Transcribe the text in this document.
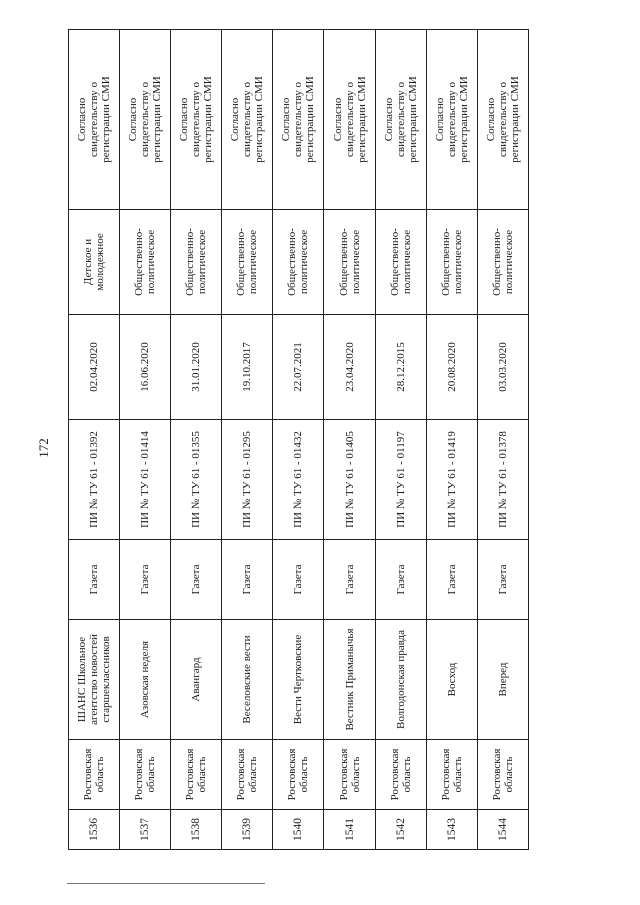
172
1536	Ростовская
область	ШАНС Школьное
агентство новостей
старшеклассников	Газета	ПИ № ТУ 61 - 01392	02.04.2020	Детское и
молодежное	Согласно
свидетельству о
регистрации СМИ
1537	Ростовская
область	Азовская неделя	Газета	ПИ № ТУ 61 - 01414	16.06.2020	Общественно-
политическое	Согласно
свидетельству о
регистрации СМИ
1538	Ростовская
область	Авангард	Газета	ПИ № ТУ 61 - 01355	31.01.2020	Общественно-
политическое	Согласно
свидетельству о
регистрации СМИ
1539	Ростовская
область	Веселовские вести	Газета	ПИ № ТУ 61 - 01295	19.10.2017	Общественно-
политическое	Согласно
свидетельству о
регистрации СМИ
1540	Ростовская
область	Вести Чертковские	Газета	ПИ № ТУ 61 - 01432	22.07.2021	Общественно-
политическое	Согласно
свидетельству о
регистрации СМИ
1541	Ростовская
область	Вестник Приманычья	Газета	ПИ № ТУ 61 - 01405	23.04.2020	Общественно-
политическое	Согласно
свидетельству о
регистрации СМИ
1542	Ростовская
область	Волгодонская правда	Газета	ПИ № ТУ 61 - 01197	28.12.2015	Общественно-
политическое	Согласно
свидетельству о
регистрации СМИ
1543	Ростовская
область	Восход	Газета	ПИ № ТУ 61 - 01419	20.08.2020	Общественно-
политическое	Согласно
свидетельству о
регистрации СМИ
1544	Ростовская
область	Вперед	Газета	ПИ № ТУ 61 - 01378	03.03.2020	Общественно-
политическое	Согласно
свидетельству о
регистрации СМИ
